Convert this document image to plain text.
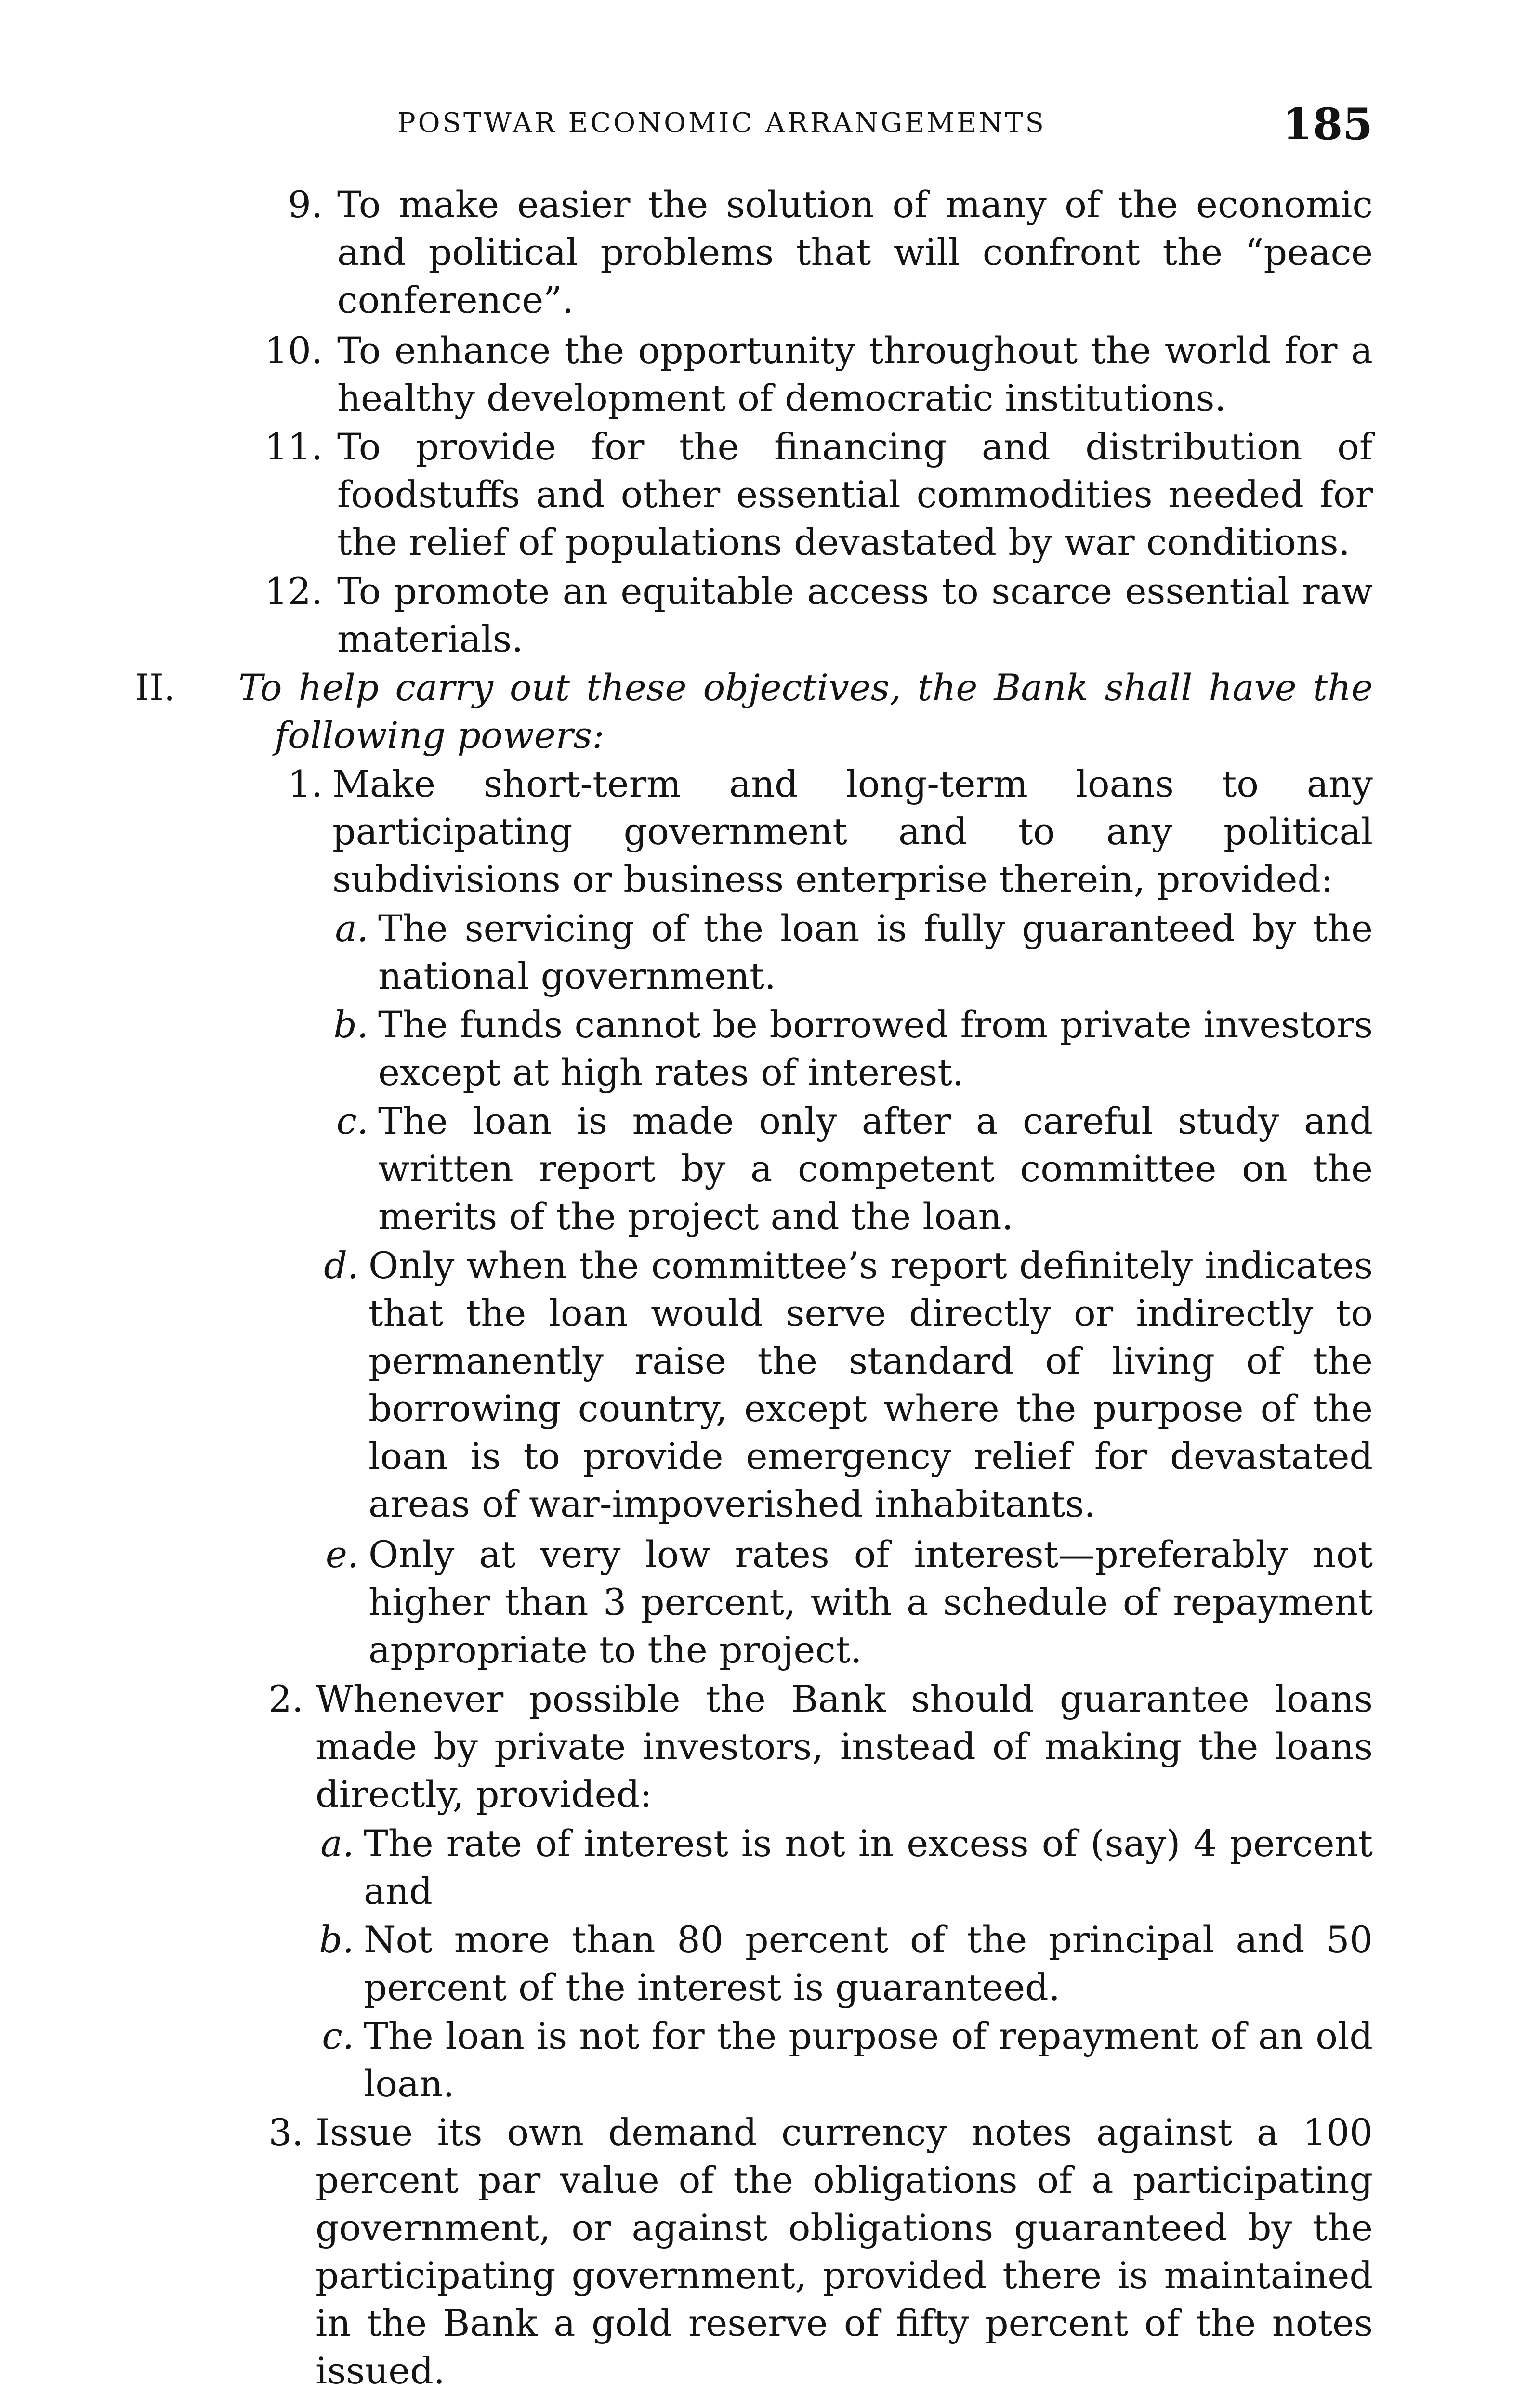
POSTWAR ECONOMIC ARRANGEMENTS	185
9. To make easier the solution of many of the economic and political problems that will confront the “peace conference”.
10. To enhance the opportunity throughout the world for a healthy development of democratic institutions.
11. To provide for the financing and distribution of foodstuffs and other essential commodities needed for the relief of populations devastated by war conditions.
12. To promote an equitable access to scarce essential raw materials.
II.	To help carry out these objectives, the Bank shall have the following powers:
1. Make short-term and long-term loans to any participating government and to any political subdivisions or business enterprise therein, provided:
a. The servicing of the loan is fully guaranteed by the national government.
b. The funds cannot be borrowed from private investors except at high rates of interest.
c. The loan is made only after a careful study and written report by a competent committee on the merits of the project and the loan.
d. Only when the committee’s report definitely indicates that the loan would serve directly or indirectly to permanently raise the standard of living of the borrowing country, except where the purpose of the loan is to provide emergency relief for devastated areas of war-impoverished inhabitants.
e. Only at very low rates of interest—preferably not higher than 3 percent, with a schedule of repayment appropriate to the project.
2. Whenever possible the Bank should guarantee loans made by private investors, instead of making the loans directly, provided:
a. The rate of interest is not in excess of (say) 4 percent and
b. Not more than 80 percent of the principal and 50 percent of the interest is guaranteed.
c. The loan is not for the purpose of repayment of an old loan.
3. Issue its own demand currency notes against a 100 percent par value of the obligations of a participating government, or against obligations guaranteed by the participating government, provided there is maintained in the Bank a gold reserve of fifty percent of the notes issued.
